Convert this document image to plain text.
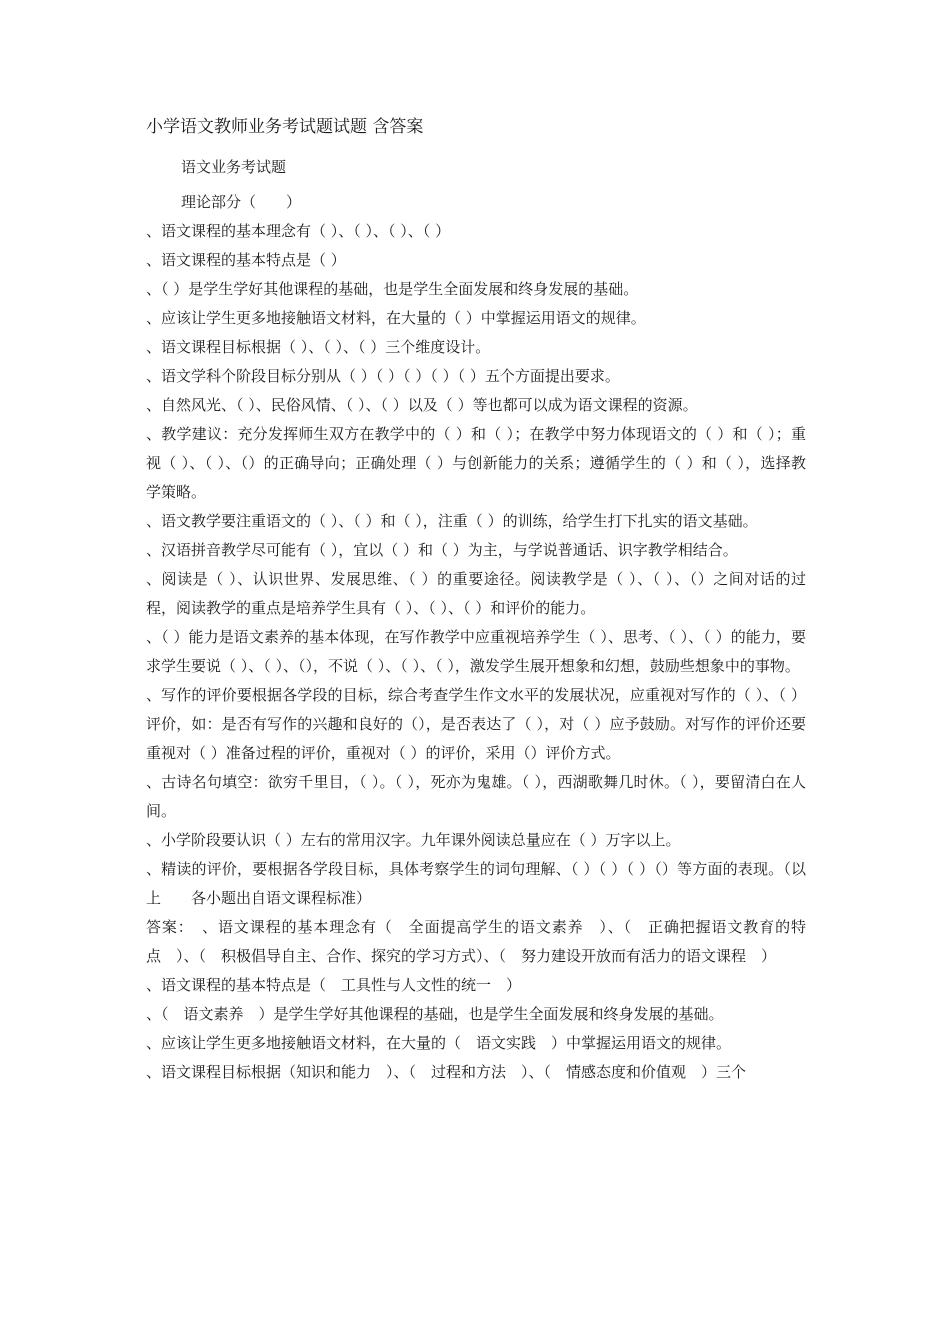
小学语文教师业务考试题试题 含答案
语文业务考试题
理论部分（　　）

、语文课程的基本理念有（ ）、（ ）、（ ）、（ ）

、语文课程的基本特点是（ ）

、（ ）是学生学好其他课程的基础，也是学生全面发展和终身发展的基础。

、应该让学生更多地接触语文材料，在大量的（ ）中掌握运用语文的规律。

、语文课程目标根据（ ）、（ ）、（ ）三个维度设计。

、语文学科个阶段目标分别从（ ）（ ）（ ）（ ）（ ）五个方面提出要求。

、自然风光、（ ）、民俗风情、（ ）、（ ）以及（ ）等也都可以成为语文课程的资源。

、教学建议：充分发挥师生双方在教学中的（ ）和（ ）；在教学中努力体现语文的（ ）和（ ）；重视（ ）、（ ）、（）的正确导向；正确处理（ ）与创新能力的关系；遵循学生的（ ）和（ ），选择教学策略。

、语文教学要注重语文的（ ）、（ ）和（ ），注重（ ）的训练，给学生打下扎实的语文基础。

、汉语拼音教学尽可能有（ ），宜以（ ）和（ ）为主，与学说普通话、识字教学相结合。

、阅读是（ ）、认识世界、发展思维、（ ）的重要途径。阅读教学是（ ）、（ ）、（）之间对话的过程，阅读教学的重点是培养学生具有（ ）、（ ）、（ ）和评价的能力。

、（ ）能力是语文素养的基本体现，在写作教学中应重视培养学生（ ）、思考、（ ）、（ ）的能力，要求学生要说（ ）、（ ）、（），不说（ ）、（ ）、（ ），激发学生展开想象和幻想，鼓励些想象中的事物。

、写作的评价要根据各学段的目标，综合考查学生作文水平的发展状况，应重视对写作的（ ）、（ ）评价，如：是否有写作的兴趣和良好的（），是否表达了（ ），对（ ）应予鼓励。对写作的评价还要重视对（ ）准备过程的评价，重视对（ ）的评价，采用（）评价方式。

、古诗名句填空：欲穷千里目，（ ）。（ ），死亦为鬼雄。（ ），西湖歌舞几时休。（ ），要留清白在人间。

、小学阶段要认识（ ）左右的常用汉字。九年课外阅读总量应在（ ）万字以上。

、精读的评价，要根据各学段目标，具体考察学生的词句理解、（ ）（ ）（ ）（）等方面的表现。（以上　　各小题出自语文课程标准）

答案：　、语文课程的基本理念有（　全面提高学生的语文素养　）、（　正确把握语文教育的特点　）、（　积极倡导自主、合作、探究的学习方式）、（　努力建设开放而有活力的语文课程　）

、语文课程的基本特点是（　工具性与人文性的统一　）

、（　语文素养　）是学生学好其他课程的基础，也是学生全面发展和终身发展的基础。

、应该让学生更多地接触语文材料，在大量的（　语文实践　）中掌握运用语文的规律。

、语文课程目标根据（知识和能力　）、（　过程和方法　）、（　情感态度和价值观　）三个
